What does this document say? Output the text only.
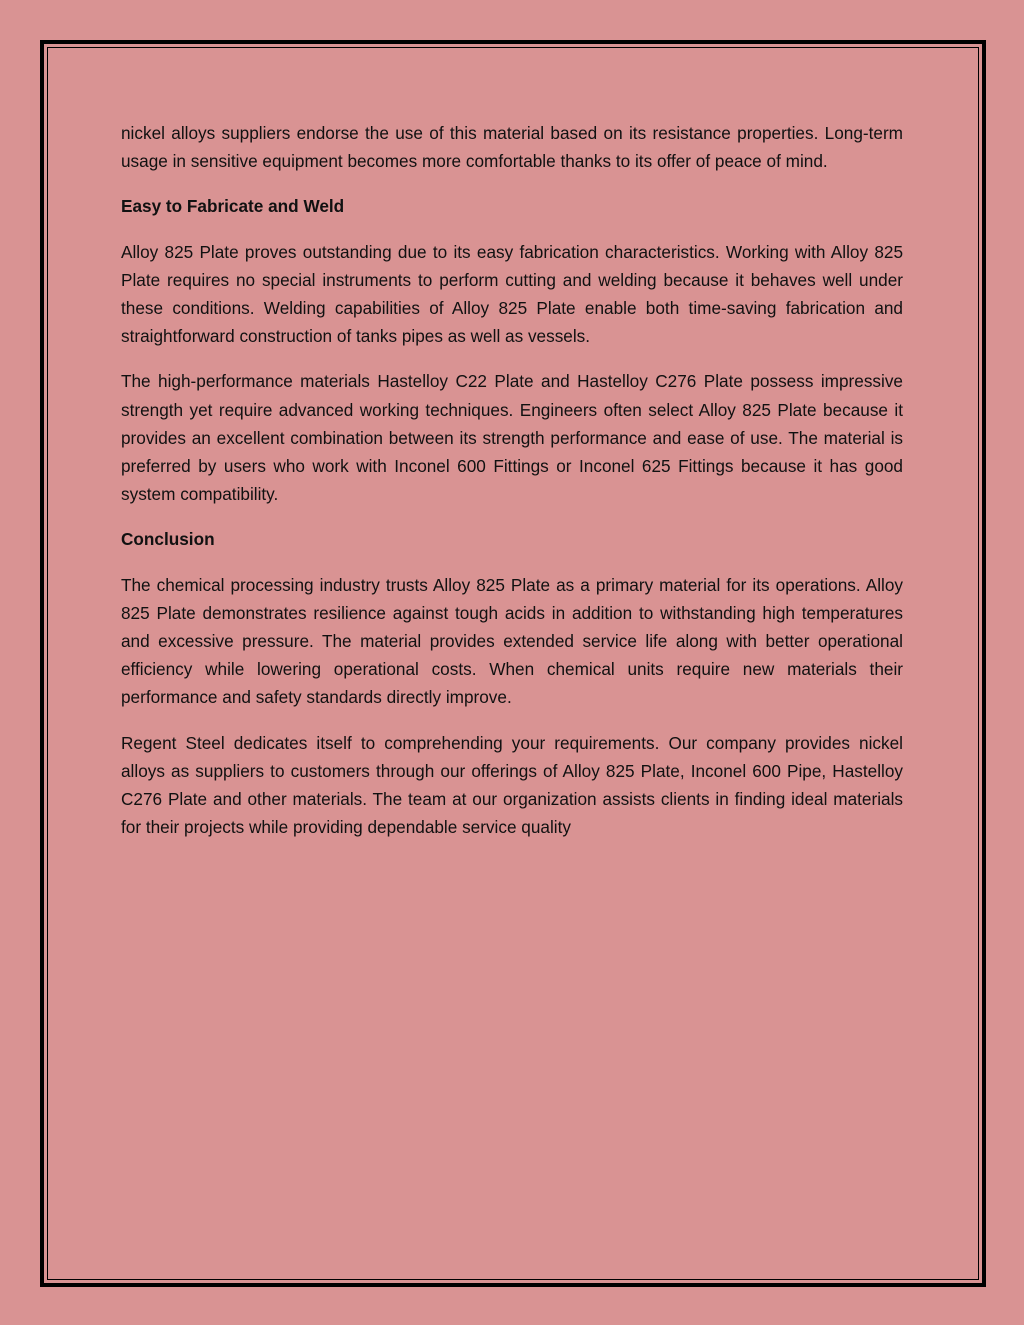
nickel alloys suppliers endorse the use of this material based on its resistance properties. Long-term usage in sensitive equipment becomes more comfortable thanks to its offer of peace of mind.

Easy to Fabricate and Weld

Alloy 825 Plate proves outstanding due to its easy fabrication characteristics. Working with Alloy 825 Plate requires no special instruments to perform cutting and welding because it behaves well under these conditions. Welding capabilities of Alloy 825 Plate enable both time-saving fabrication and straightforward construction of tanks pipes as well as vessels.

The high-performance materials Hastelloy C22 Plate and Hastelloy C276 Plate possess impressive strength yet require advanced working techniques. Engineers often select Alloy 825 Plate because it provides an excellent combination between its strength performance and ease of use. The material is preferred by users who work with Inconel 600 Fittings or Inconel 625 Fittings because it has good system compatibility.

Conclusion

The chemical processing industry trusts Alloy 825 Plate as a primary material for its operations. Alloy 825 Plate demonstrates resilience against tough acids in addition to withstanding high temperatures and excessive pressure. The material provides extended service life along with better operational efficiency while lowering operational costs. When chemical units require new materials their performance and safety standards directly improve.

Regent Steel dedicates itself to comprehending your requirements. Our company provides nickel alloys as suppliers to customers through our offerings of Alloy 825 Plate, Inconel 600 Pipe, Hastelloy C276 Plate and other materials. The team at our organization assists clients in finding ideal materials for their projects while providing dependable service quality
